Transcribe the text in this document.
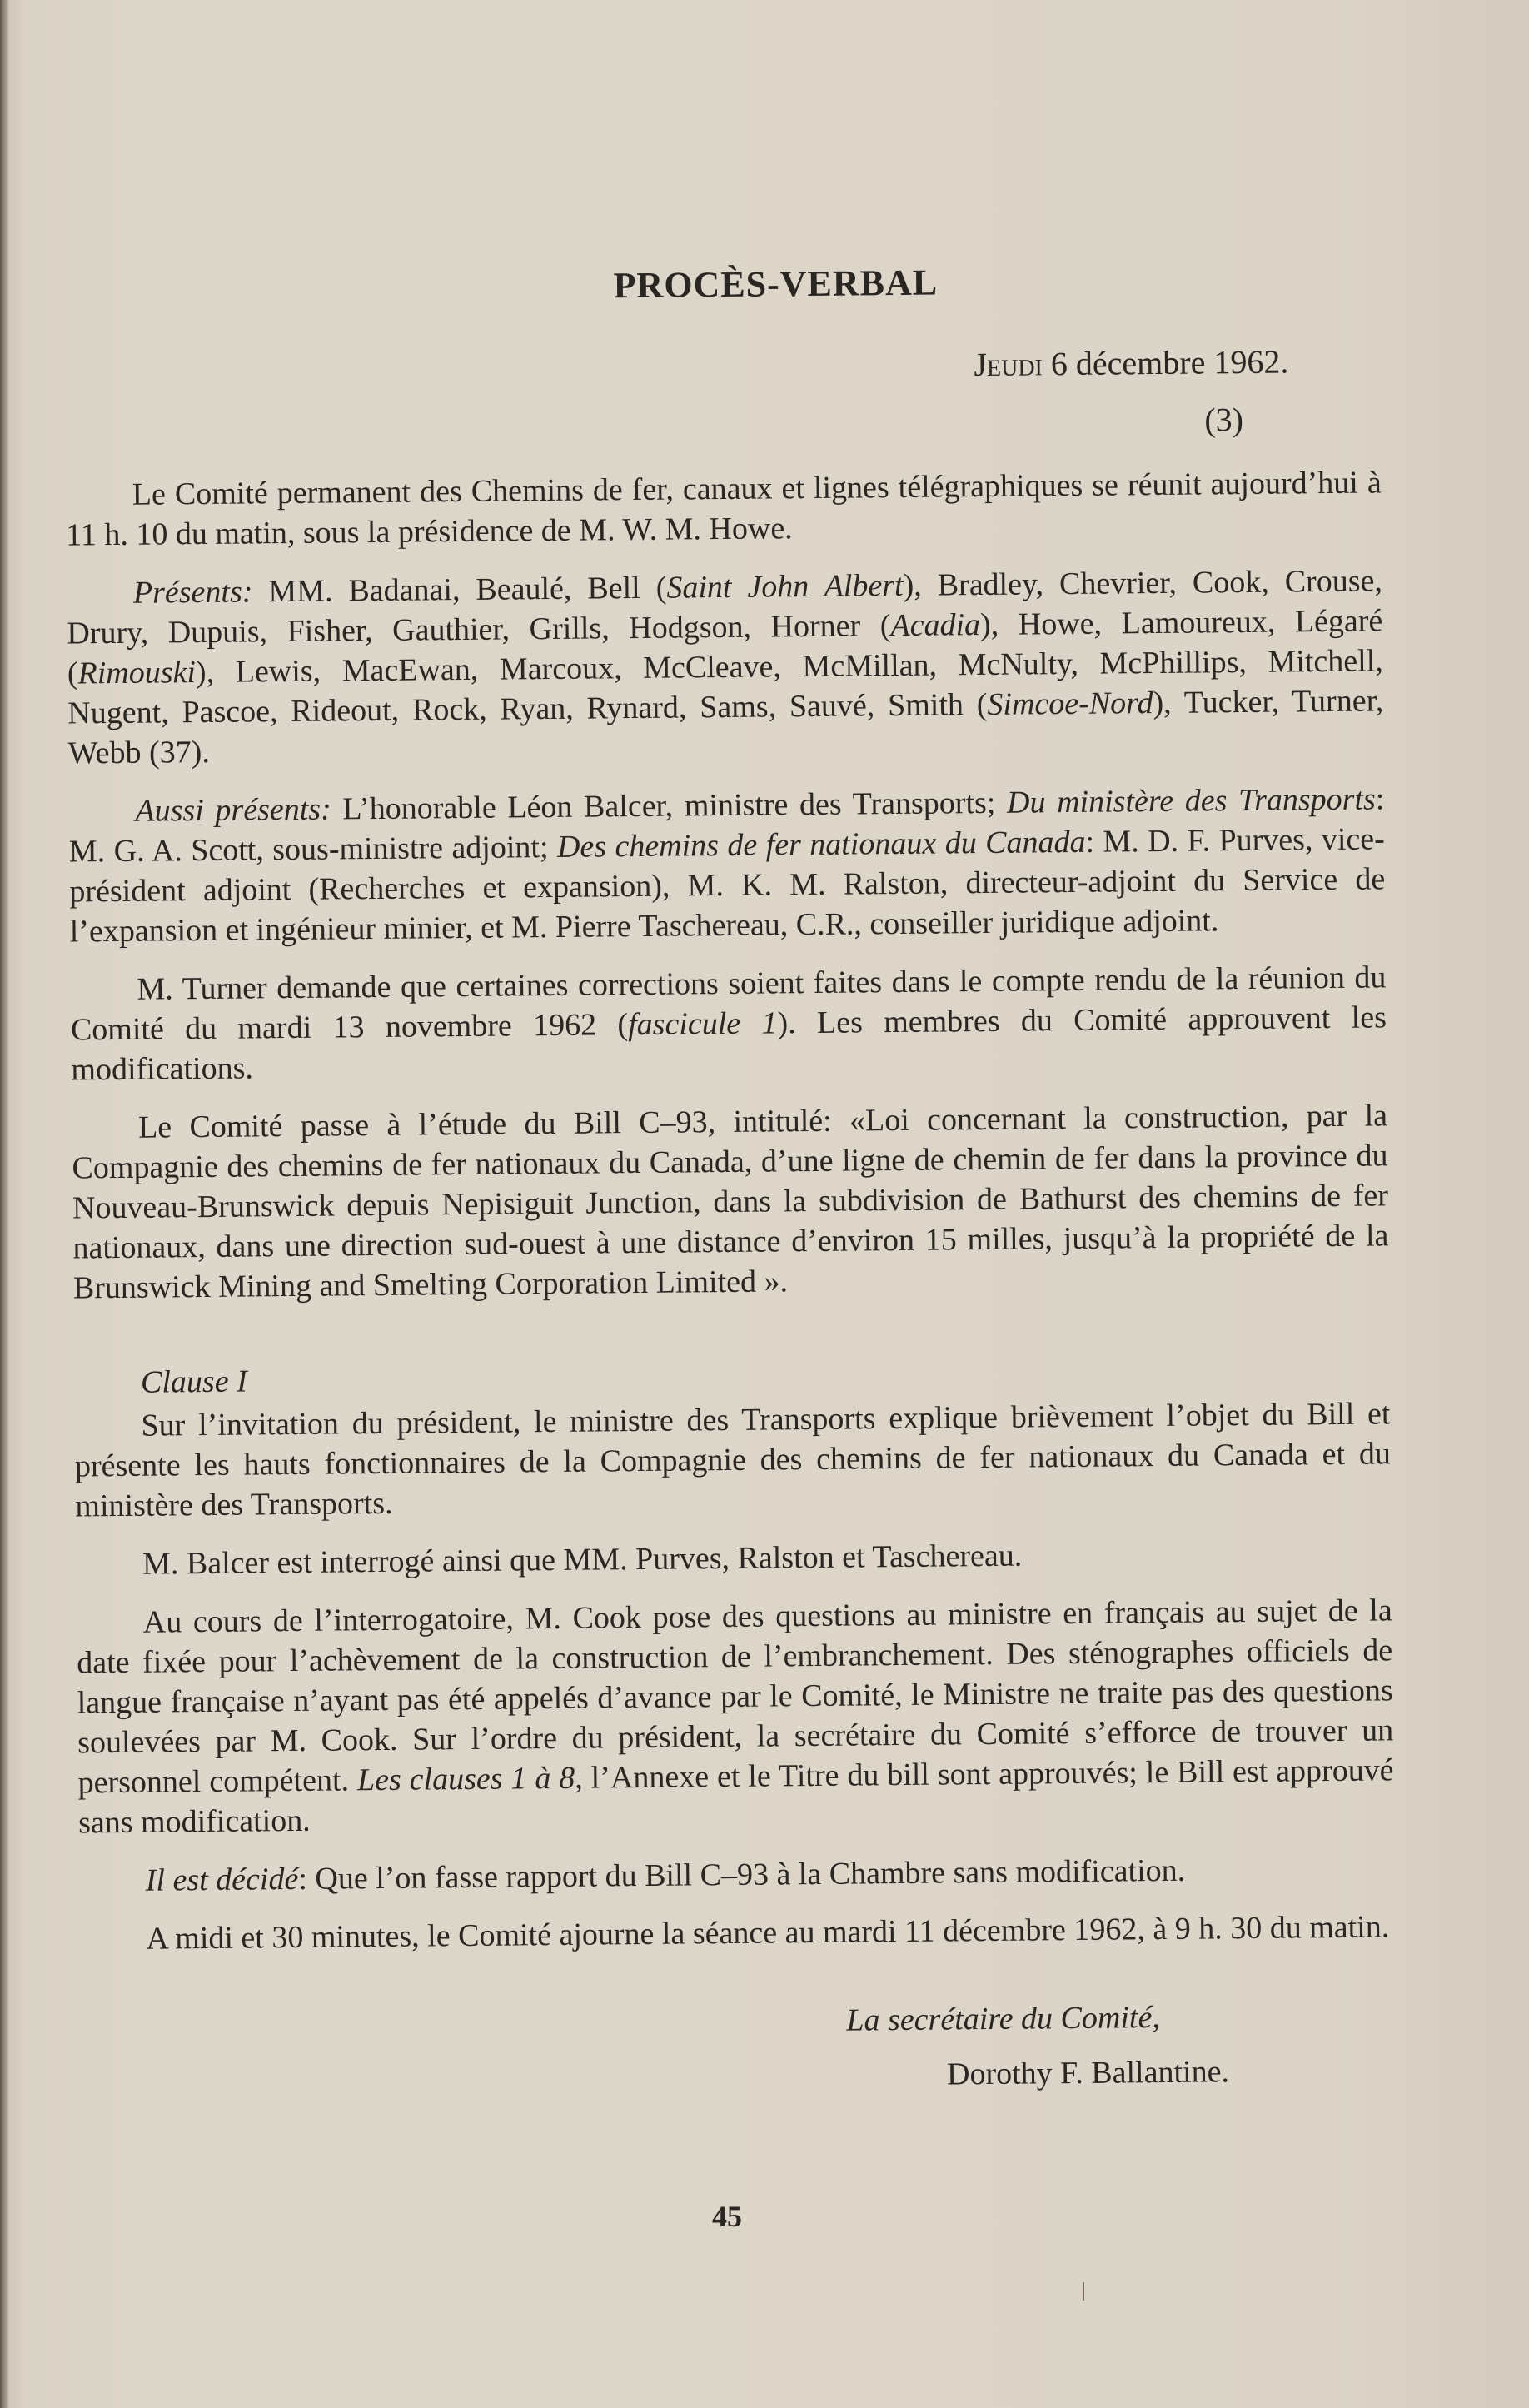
PROCÈS-VERBAL
Jeudi 6 décembre 1962.
(3)

Le Comité permanent des Chemins de fer, canaux et lignes télégraphiques se réunit aujourd’hui à 11 h. 10 du matin, sous la présidence de M. W. M. Howe.

Présents: MM. Badanai, Beaulé, Bell (Saint John Albert), Bradley, Chevrier, Cook, Crouse, Drury, Dupuis, Fisher, Gauthier, Grills, Hodgson, Horner (Acadia), Howe, Lamoureux, Légaré (Rimouski), Lewis, MacEwan, Marcoux, McCleave, McMillan, McNulty, McPhillips, Mitchell, Nugent, Pascoe, Rideout, Rock, Ryan, Rynard, Sams, Sauvé, Smith (Simcoe-Nord), Tucker, Turner, Webb (37).

Aussi présents: L’honorable Léon Balcer, ministre des Transports; Du ministère des Transports: M. G. A. Scott, sous-ministre adjoint; Des chemins de fer nationaux du Canada: M. D. F. Purves, vice-président adjoint (Recherches et expansion), M. K. M. Ralston, directeur-adjoint du Service de l’expansion et ingénieur minier, et M. Pierre Taschereau, C.R., conseiller juridique adjoint.

M. Turner demande que certaines corrections soient faites dans le compte rendu de la réunion du Comité du mardi 13 novembre 1962 (fascicule 1). Les membres du Comité approuvent les modifications.

Le Comité passe à l’étude du Bill C–93, intitulé: «Loi concernant la construction, par la Compagnie des chemins de fer nationaux du Canada, d’une ligne de chemin de fer dans la province du Nouveau-Brunswick depuis Nepisiguit Junction, dans la subdivision de Bathurst des chemins de fer nationaux, dans une direction sud-ouest à une distance d’environ 15 milles, jusqu’à la propriété de la Brunswick Mining and Smelting Corporation Limited ».

Clause I

Sur l’invitation du président, le ministre des Transports explique brièvement l’objet du Bill et présente les hauts fonctionnaires de la Compagnie des chemins de fer nationaux du Canada et du ministère des Transports.

M. Balcer est interrogé ainsi que MM. Purves, Ralston et Taschereau.

Au cours de l’interrogatoire, M. Cook pose des questions au ministre en français au sujet de la date fixée pour l’achèvement de la construction de l’embranchement. Des sténographes officiels de langue française n’ayant pas été appelés d’avance par le Comité, le Ministre ne traite pas des questions soulevées par M. Cook. Sur l’ordre du président, la secrétaire du Comité s’efforce de trouver un personnel compétent. Les clauses 1 à 8, l’Annexe et le Titre du bill sont approuvés; le Bill est approuvé sans modification.

Il est décidé: Que l’on fasse rapport du Bill C–93 à la Chambre sans modification.

A midi et 30 minutes, le Comité ajourne la séance au mardi 11 décembre 1962, à 9 h. 30 du matin.

La secrétaire du Comité,
Dorothy F. Ballantine.
45
